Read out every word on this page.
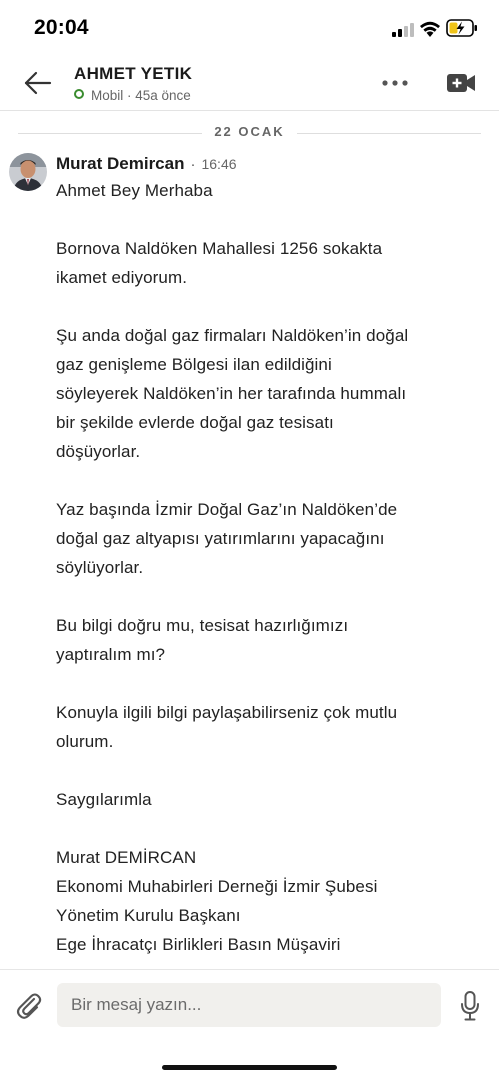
20:04
AHMET YETIK
Mobil · 45a önce
22 OCAK
Murat Demircan · 16:46
Ahmet Bey Merhaba
Bornova Naldöken Mahallesi 1256 sokakta
ikamet ediyorum.
Şu anda doğal gaz firmaları Naldöken’in doğal
gaz genişleme Bölgesi ilan edildiğini
söyleyerek Naldöken’in her tarafında hummalı
bir şekilde evlerde doğal gaz tesisatı
döşüyorlar.
Yaz başında İzmir Doğal Gaz’ın Naldöken’de
doğal gaz altyapısı yatırımlarını yapacağını
söylüyorlar.
Bu bilgi doğru mu, tesisat hazırlığımızı
yaptıralım mı?
Konuyla ilgili bilgi paylaşabilirseniz çok mutlu
olurum.
Saygılarımla
Murat DEMİRCAN
Ekonomi Muhabirleri Derneği İzmir Şubesi
Yönetim Kurulu Başkanı
Ege İhracatçı Birlikleri Basın Müşaviri
Bir mesaj yazın...
